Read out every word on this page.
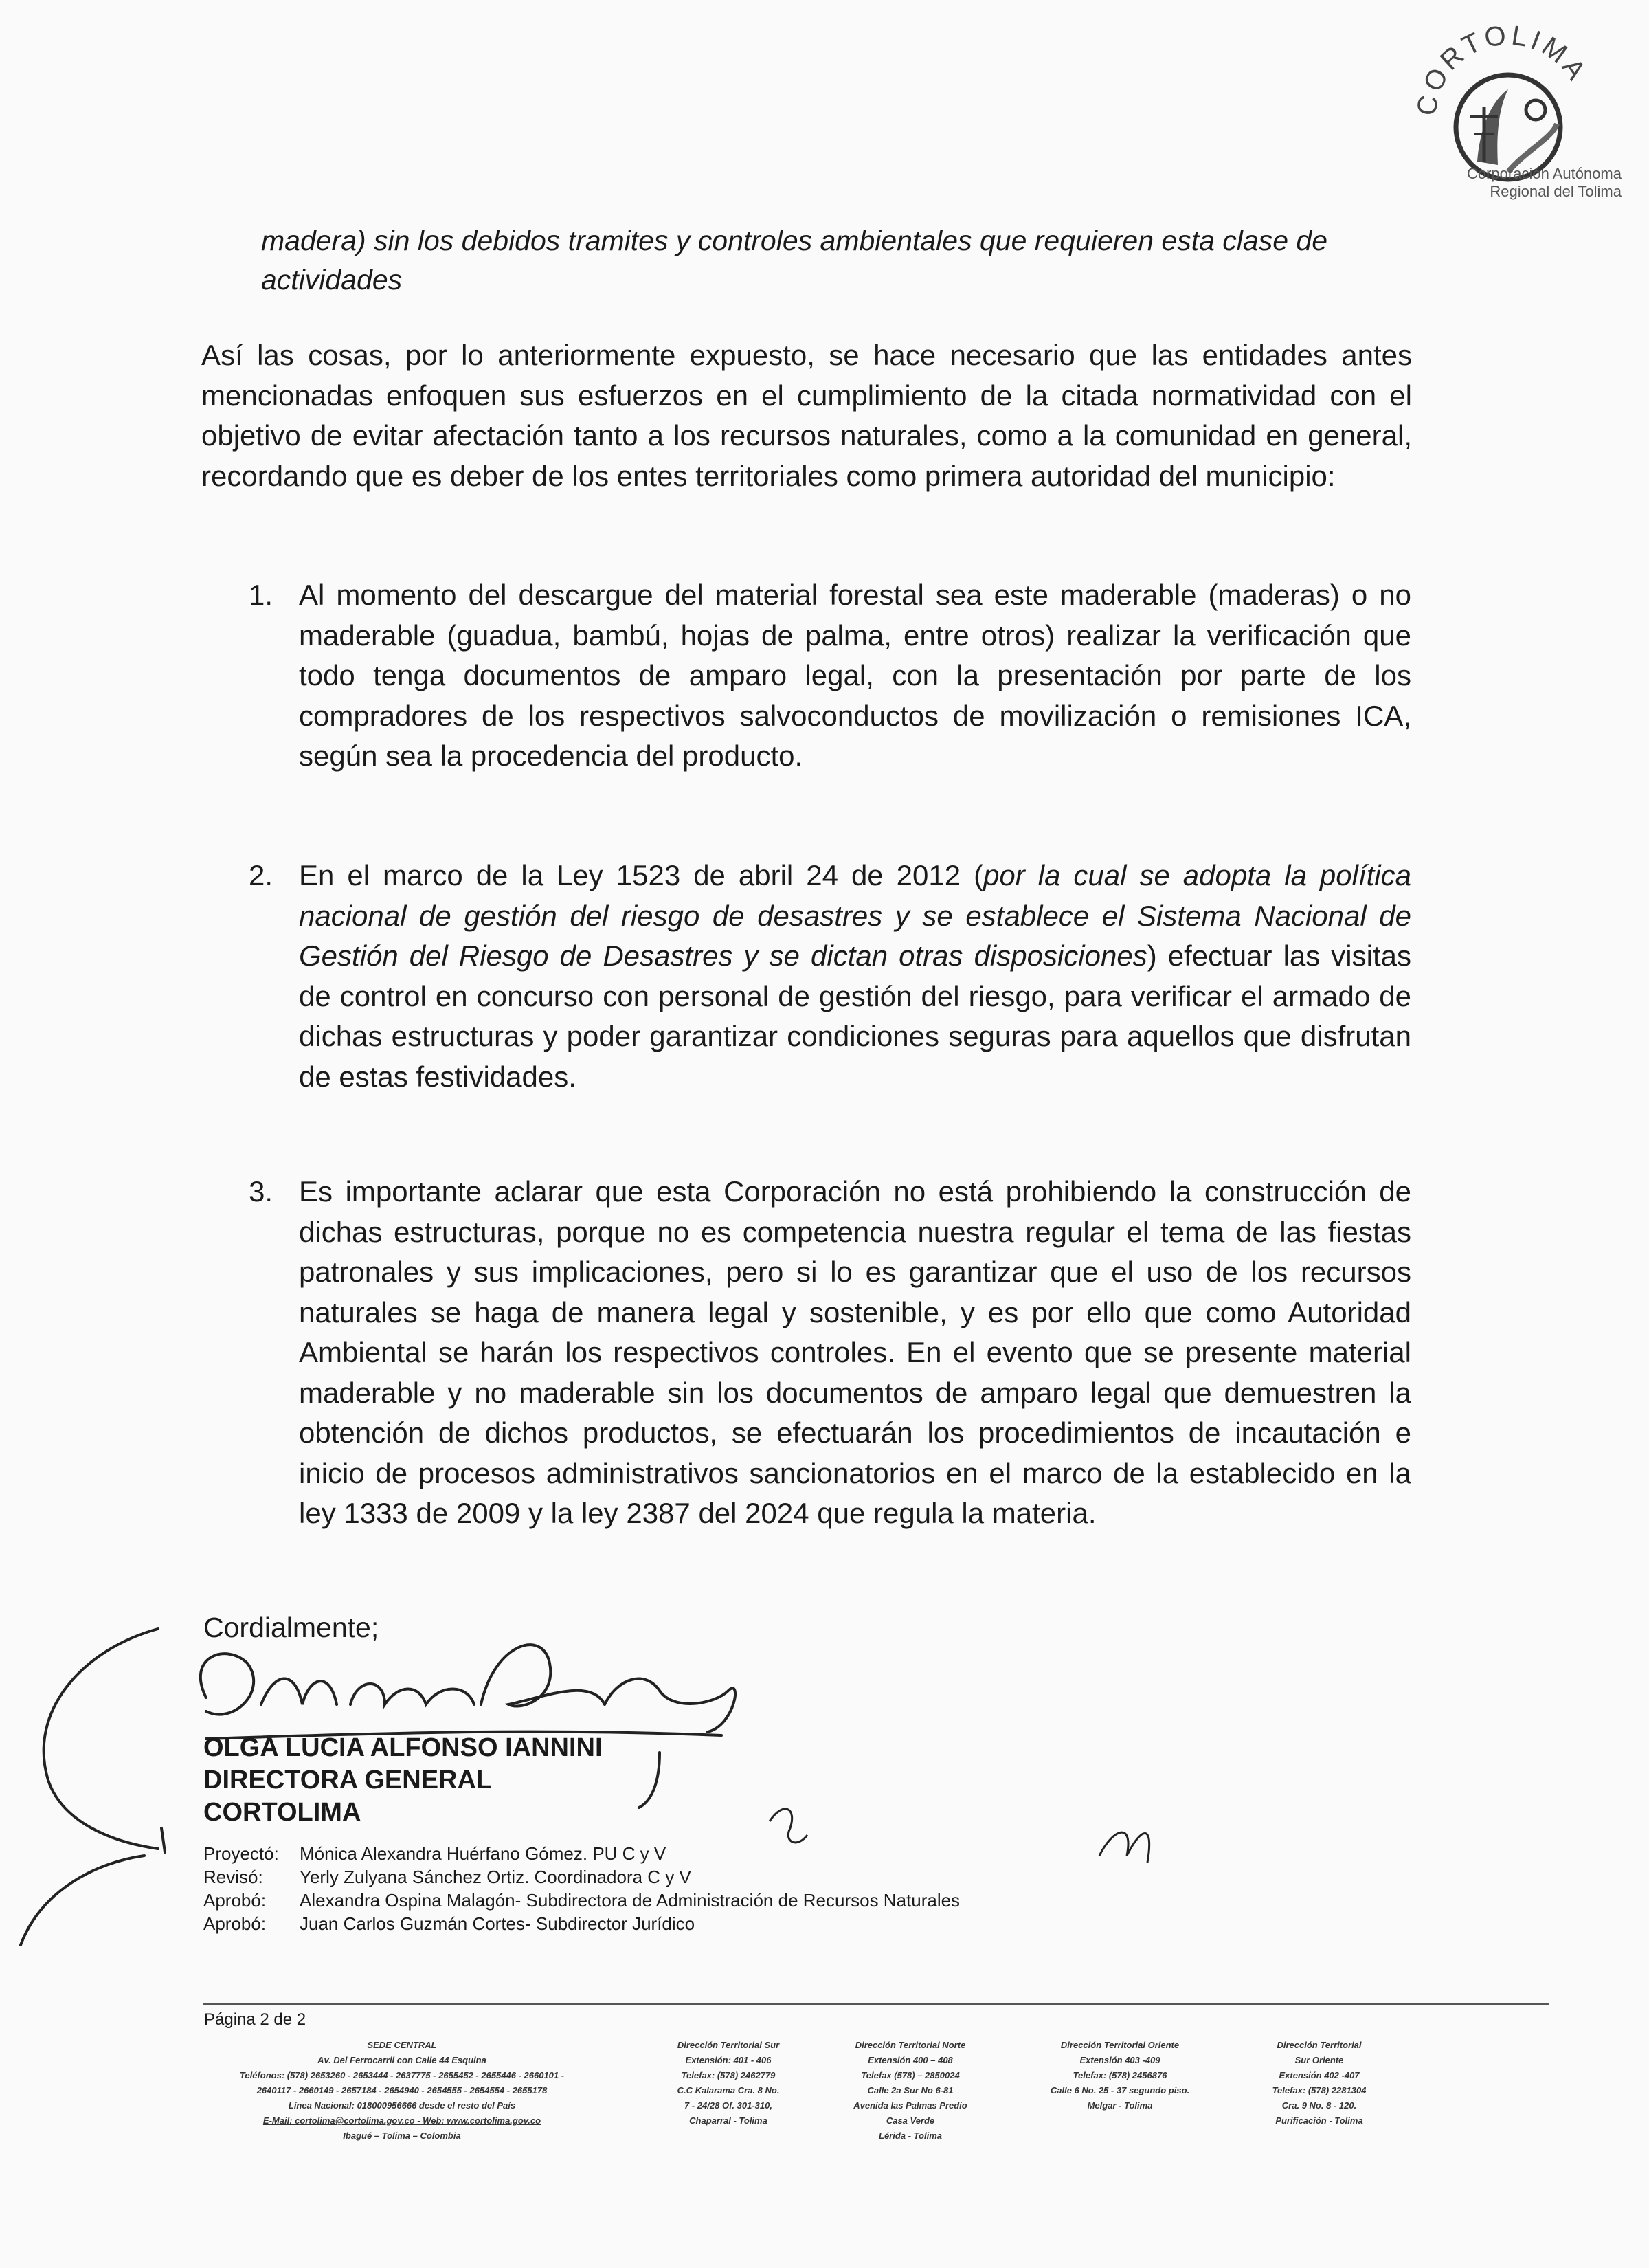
CORTOLIMA
Corporación Autónoma
Regional del Tolima
madera) sin los debidos tramites y controles ambientales que requieren esta clase de actividades
Así las cosas, por lo anteriormente expuesto, se hace necesario que las entidades antes mencionadas enfoquen sus esfuerzos en el cumplimiento de la citada normatividad con el objetivo de evitar afectación tanto a los recursos naturales, como a la comunidad en general, recordando que es deber de los entes territoriales como primera autoridad del municipio:
1. Al momento del descargue del material forestal sea este maderable (maderas) o no maderable (guadua, bambú, hojas de palma, entre otros) realizar la verificación que todo tenga documentos de amparo legal, con la presentación por parte de los compradores de los respectivos salvoconductos de movilización o remisiones ICA, según sea la procedencia del producto.
2. En el marco de la Ley 1523 de abril 24 de 2012 (por la cual se adopta la política nacional de gestión del riesgo de desastres y se establece el Sistema Nacional de Gestión del Riesgo de Desastres y se dictan otras disposiciones) efectuar las visitas de control en concurso con personal de gestión del riesgo, para verificar el armado de dichas estructuras y poder garantizar condiciones seguras para aquellos que disfrutan de estas festividades.
3. Es importante aclarar que esta Corporación no está prohibiendo la construcción de dichas estructuras, porque no es competencia nuestra regular el tema de las fiestas patronales y sus implicaciones, pero si lo es garantizar que el uso de los recursos naturales se haga de manera legal y sostenible, y es por ello que como Autoridad Ambiental se harán los respectivos controles. En el evento que se presente material maderable y no maderable sin los documentos de amparo legal que demuestren la obtención de dichos productos, se efectuarán los procedimientos de incautación e inicio de procesos administrativos sancionatorios en el marco de la establecido en la ley 1333 de 2009 y la ley 2387 del 2024 que regula la materia.
Cordialmente;
OLGA LUCIA ALFONSO IANNINI
DIRECTORA GENERAL
CORTOLIMA
Proyectó: Mónica Alexandra Huérfano Gómez. PU C y V
Revisó: Yerly Zulyana Sánchez Ortiz. Coordinadora C y V
Aprobó: Alexandra Ospina Malagón- Subdirectora de Administración de Recursos Naturales
Aprobó: Juan Carlos Guzmán Cortes- Subdirector Jurídico
Página 2 de 2
SEDE CENTRAL
Av. Del Ferrocarril con Calle 44 Esquina
Teléfonos: (578) 2653260 - 2653444 - 2637775 - 2655452 - 2655446 - 2660101 -
2640117 - 2660149 - 2657184 - 2654940 - 2654555 - 2654554 - 2655178
Línea Nacional: 018000956666 desde el resto del País
E-Mail: cortolima@cortolima.gov.co - Web: www.cortolima.gov.co
Ibagué – Tolima – Colombia
Dirección Territorial Sur
Extensión: 401 - 406
Telefax: (578) 2462779
C.C Kalarama Cra. 8 No.
7 - 24/28 Of. 301-310,
Chaparral - Tolima
Dirección Territorial Norte
Extensión 400 – 408
Telefax (578) – 2850024
Calle 2a Sur No 6-81
Avenida las Palmas Predio
Casa Verde
Lérida - Tolima
Dirección Territorial Oriente
Extensión 403 -409
Telefax: (578) 2456876
Calle 6 No. 25 - 37 segundo piso.
Melgar - Tolima
Dirección Territorial
Sur Oriente
Extensión 402 -407
Telefax: (578) 2281304
Cra. 9 No. 8 - 120.
Purificación - Tolima
